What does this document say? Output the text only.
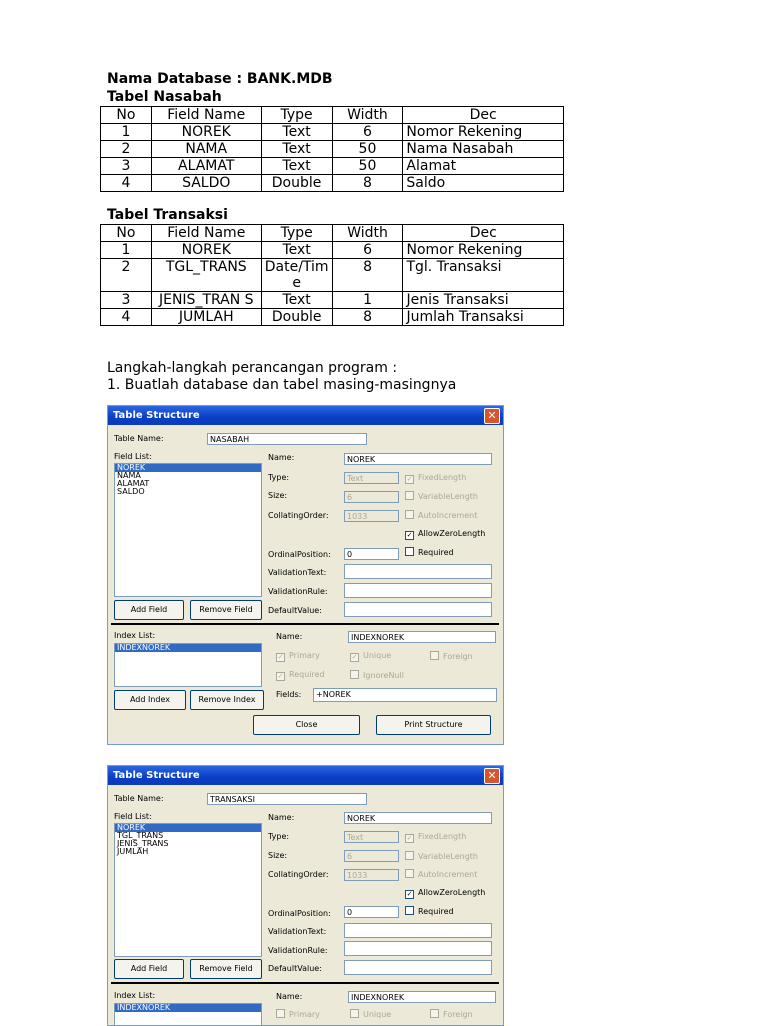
Nama Database : BANK.MDB
Tabel Nasabah
No	Field Name	Type	Width	Dec
1	NOREK	Text	6	Nomor Rekening
2	NAMA	Text	50	Nama Nasabah
3	ALAMAT	Text	50	Alamat
4	SALDO	Double	8	Saldo
Tabel Transaksi
No	Field Name	Type	Width	Dec
1	NOREK	Text	6	Nomor Rekening
2	TGL_TRANS	Date/Tim e	8	Tgl. Transaksi
3	JENIS_TRAN S	Text	1	Jenis Transaksi
4	JUMLAH	Double	8	Jumlah Transaksi
Langkah-langkah perancangan program :
1. Buatlah database dan tabel masing-masingnya
Table Structure	✕
Table Name:	NASABAH
Field List:
NOREK
NAMA
ALAMAT
SALDO
Add Field	Remove Field
Name:	NOREK
Type:	Text
Size:	6
CollatingOrder:	1033
✓ FixedLength
VariableLength
AutoIncrement
✓ AllowZeroLength
Required
OrdinalPosition:	0
ValidationText:
ValidationRule:
DefaultValue:
Index List:
INDEXNOREK
Add Index	Remove Index
Name:	INDEXNOREK
✓ Primary	✓ Unique	Foreign
✓ Required	IgnoreNull
Fields:	+NOREK
Close	Print Structure
Table Structure	✕
Table Name:	TRANSAKSI
Field List:
NOREK
TGL_TRANS
JENIS_TRANS
JUMLAH
Add Field	Remove Field
Name:	NOREK
Type:	Text
Size:	6
CollatingOrder:	1033
✓ FixedLength
VariableLength
AutoIncrement
✓ AllowZeroLength
Required
OrdinalPosition:	0
ValidationText:
ValidationRule:
DefaultValue:
Index List:
INDEXNOREK
Name:	INDEXNOREK
Primary	Unique	Foreign
